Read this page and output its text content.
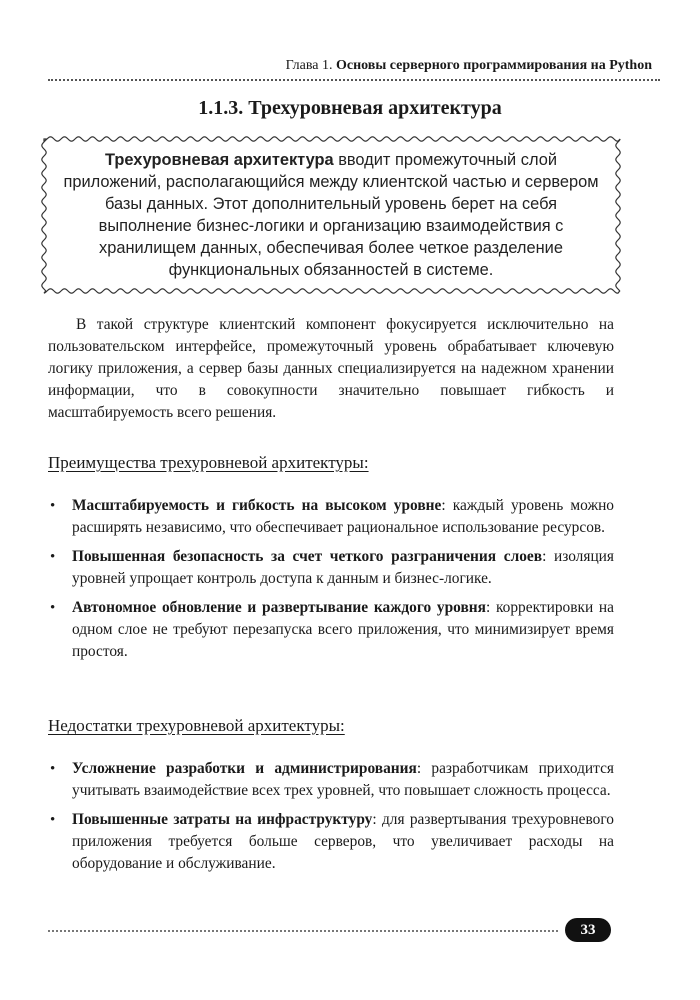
Глава 1. Основы серверного программирования на Python
1.1.3. Трехуровневая архитектура
Трехуровневая архитектура вводит промежуточный слой приложений, располагающийся между клиентской частью и сервером базы данных. Этот дополнительный уровень берет на себя выполнение бизнес-логики и организацию взаимодействия с хранилищем данных, обеспечивая более четкое разделение функциональных обязанностей в системе.

В такой структуре клиентский компонент фокусируется исключительно на пользовательском интерфейсе, промежуточный уровень обрабатывает ключевую логику приложения, а сервер базы данных специализируется на надежном хранении информации, что в совокупности значительно повышает гибкость и масштабируемость всего решения.

Преимущества трехуровневой архитектуры:
• Масштабируемость и гибкость на высоком уровне: каждый уровень можно расширять независимо, что обеспечивает рациональное использование ресурсов.
• Повышенная безопасность за счет четкого разграничения слоев: изоляция уровней упрощает контроль доступа к данным и бизнес-логике.
• Автономное обновление и развертывание каждого уровня: корректировки на одном слое не требуют перезапуска всего приложения, что минимизирует время простоя.
Недостатки трехуровневой архитектуры:
• Усложнение разработки и администрирования: разработчикам приходится учитывать взаимодействие всех трех уровней, что повышает сложность процесса.
• Повышенные затраты на инфраструктуру: для развертывания трехуровневого приложения требуется больше серверов, что увеличивает расходы на оборудование и обслуживание.
33
